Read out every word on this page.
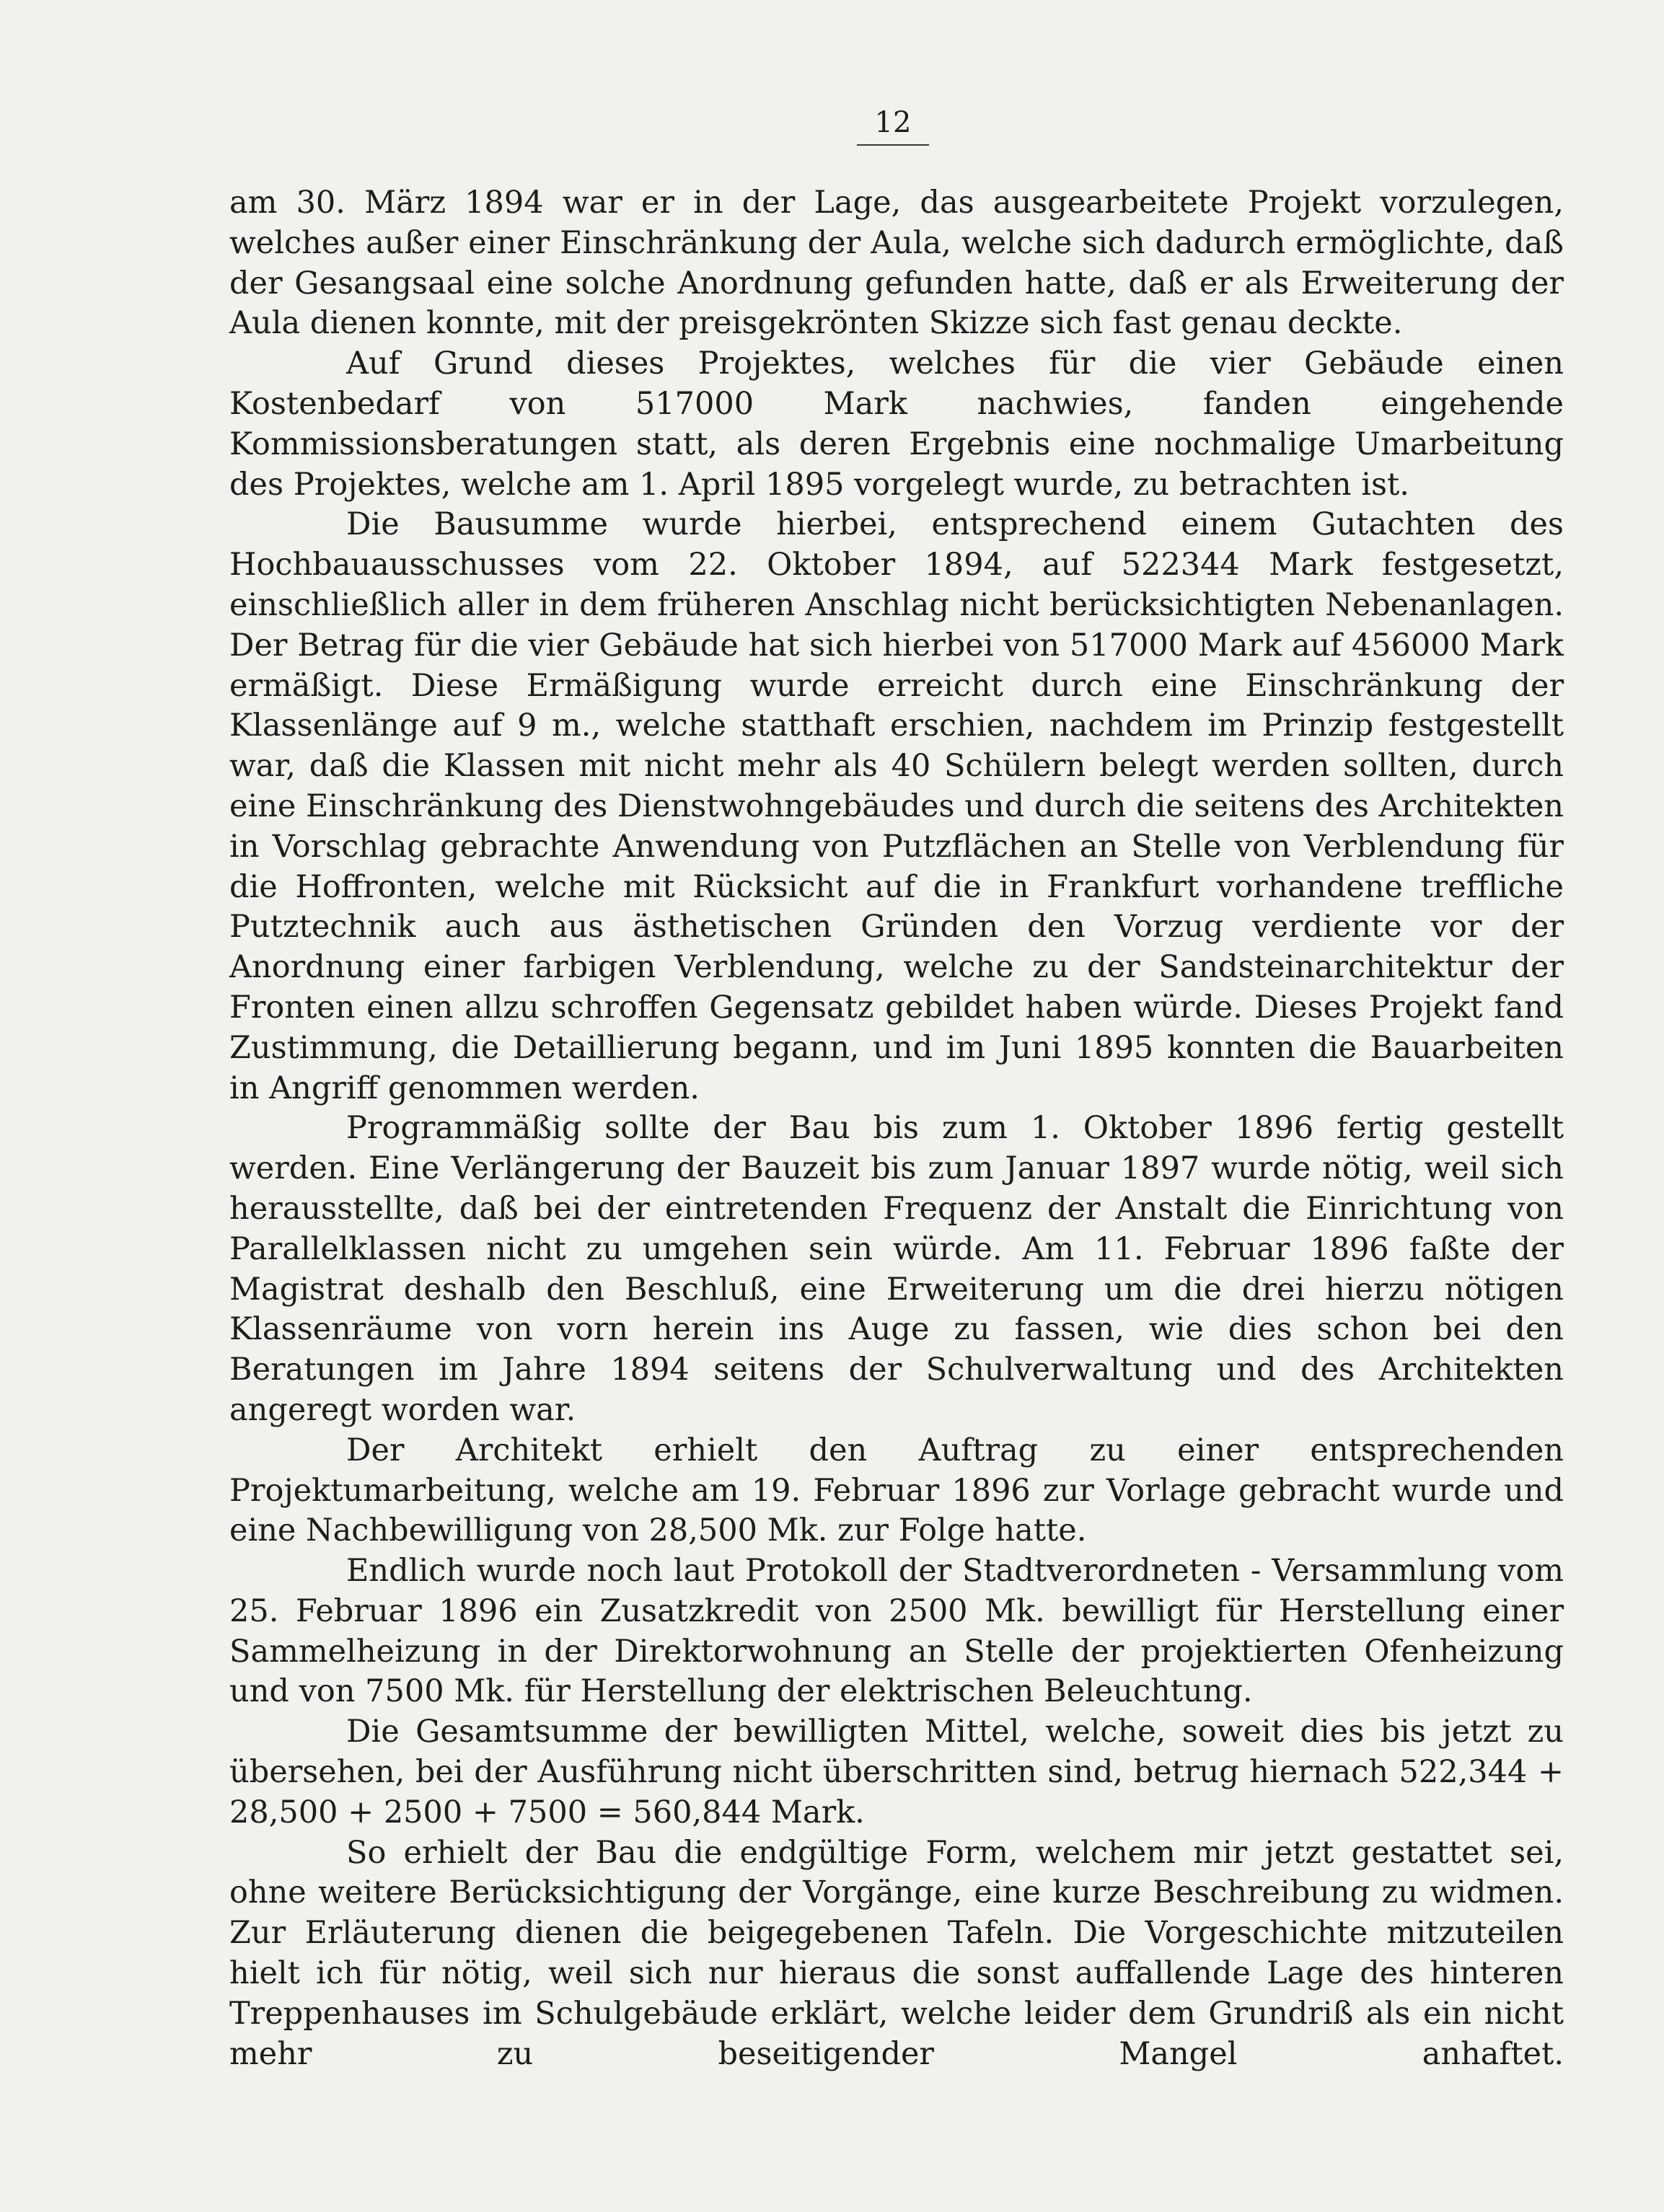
12

am 30. März 1894 war er in der Lage, das ausgearbeitete Projekt vorzulegen, welches außer einer Einschränkung der Aula, welche sich dadurch ermöglichte, daß der Gesangsaal eine solche Anordnung gefunden hatte, daß er als Erweiterung der Aula dienen konnte, mit der preisgekrönten Skizze sich fast genau deckte.

Auf Grund dieses Projektes, welches für die vier Gebäude einen Kostenbedarf von 517000 Mark nachwies, fanden eingehende Kommissionsberatungen statt, als deren Ergebnis eine nochmalige Umarbeitung des Projektes, welche am 1. April 1895 vorgelegt wurde, zu betrachten ist.

Die Bausumme wurde hierbei, entsprechend einem Gutachten des Hochbauausschusses vom 22. Oktober 1894, auf 522344 Mark festgesetzt, einschließlich aller in dem früheren Anschlag nicht berücksichtigten Nebenanlagen. Der Betrag für die vier Gebäude hat sich hierbei von 517000 Mark auf 456000 Mark ermäßigt. Diese Ermäßigung wurde erreicht durch eine Einschränkung der Klassenlänge auf 9 m., welche statthaft erschien, nachdem im Prinzip festgestellt war, daß die Klassen mit nicht mehr als 40 Schülern belegt werden sollten, durch eine Einschränkung des Dienstwohngebäudes und durch die seitens des Architekten in Vorschlag gebrachte Anwendung von Putzflächen an Stelle von Verblendung für die Hoffronten, welche mit Rücksicht auf die in Frankfurt vorhandene treffliche Putztechnik auch aus ästhetischen Gründen den Vorzug verdiente vor der Anordnung einer farbigen Verblendung, welche zu der Sandsteinarchitektur der Fronten einen allzu schroffen Gegensatz gebildet haben würde. Dieses Projekt fand Zustimmung, die Detaillierung begann, und im Juni 1895 konnten die Bauarbeiten in Angriff genommen werden.

Programmäßig sollte der Bau bis zum 1. Oktober 1896 fertig gestellt werden. Eine Verlängerung der Bauzeit bis zum Januar 1897 wurde nötig, weil sich herausstellte, daß bei der eintretenden Frequenz der Anstalt die Einrichtung von Parallelklassen nicht zu umgehen sein würde. Am 11. Februar 1896 faßte der Magistrat deshalb den Beschluß, eine Erweiterung um die drei hierzu nötigen Klassenräume von vorn herein ins Auge zu fassen, wie dies schon bei den Beratungen im Jahre 1894 seitens der Schulverwaltung und des Architekten angeregt worden war.

Der Architekt erhielt den Auftrag zu einer entsprechenden Projektumarbeitung, welche am 19. Februar 1896 zur Vorlage gebracht wurde und eine Nachbewilligung von 28,500 Mk. zur Folge hatte.

Endlich wurde noch laut Protokoll der Stadtverordneten - Versammlung vom 25. Februar 1896 ein Zusatzkredit von 2500 Mk. bewilligt für Herstellung einer Sammelheizung in der Direktorwohnung an Stelle der projektierten Ofenheizung und von 7500 Mk. für Herstellung der elektrischen Beleuchtung.

Die Gesamtsumme der bewilligten Mittel, welche, soweit dies bis jetzt zu übersehen, bei der Ausführung nicht überschritten sind, betrug hiernach 522,344 + 28,500 + 2500 + 7500 = 560,844 Mark.

So erhielt der Bau die endgültige Form, welchem mir jetzt gestattet sei, ohne weitere Berücksichtigung der Vorgänge, eine kurze Beschreibung zu widmen. Zur Erläuterung dienen die beigegebenen Tafeln. Die Vorgeschichte mitzuteilen hielt ich für nötig, weil sich nur hieraus die sonst auffallende Lage des hinteren Treppenhauses im Schulgebäude erklärt, welche leider dem Grundriß als ein nicht mehr zu beseitigender Mangel anhaftet.
